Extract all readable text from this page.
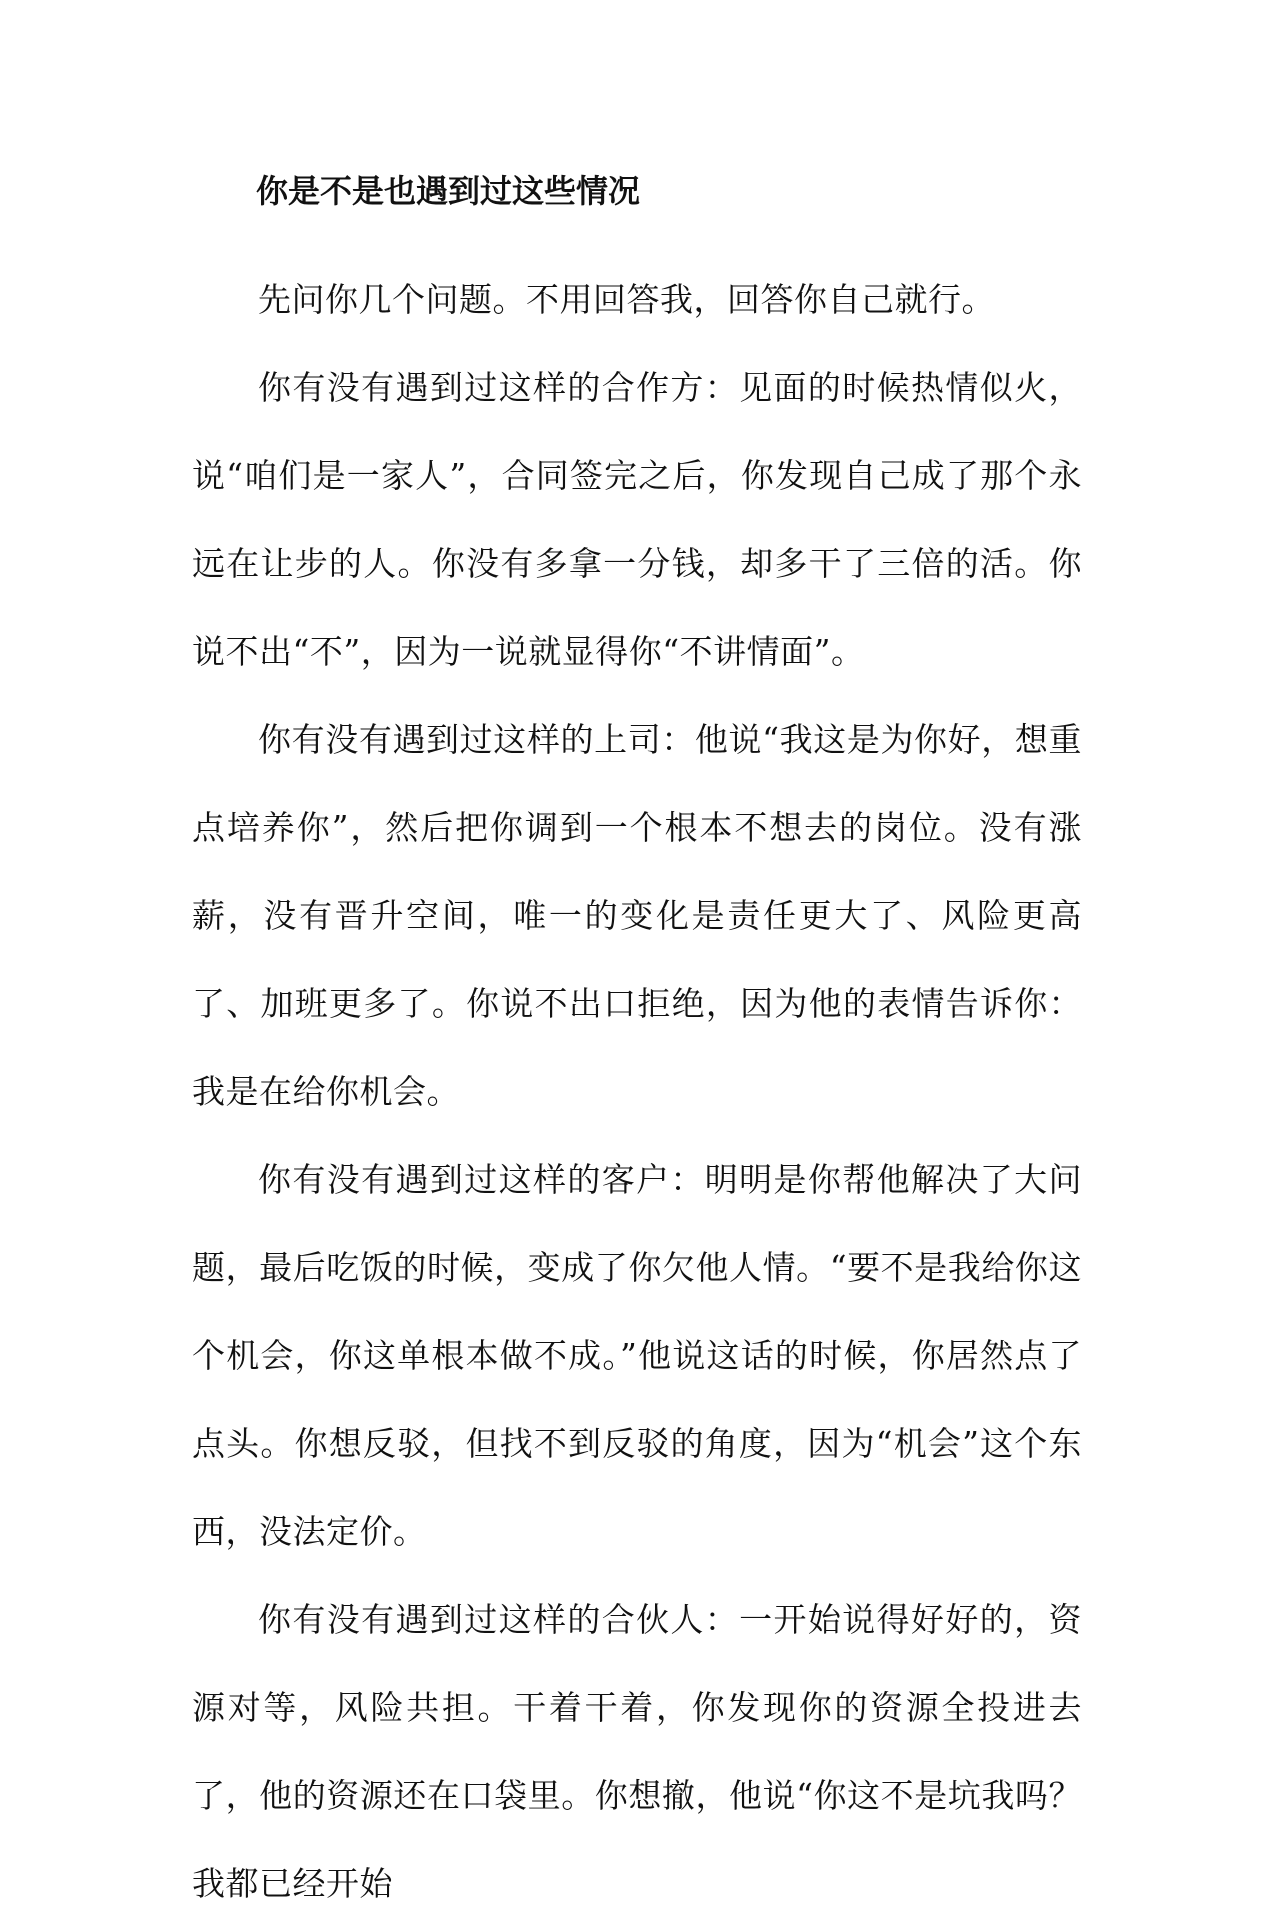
你是不是也遇到过这些情况

先问你几个问题。不用回答我，回答你自己就行。

你有没有遇到过这样的合作方：见面的时候热情似火，说“咱们是一家人”，合同签完之后，你发现自己成了那个永远在让步的人。你没有多拿一分钱，却多干了三倍的活。你说不出“不”，因为一说就显得你“不讲情面”。

你有没有遇到过这样的上司：他说“我这是为你好，想重点培养你”，然后把你调到一个根本不想去的岗位。没有涨薪，没有晋升空间，唯一的变化是责任更大了、风险更高了、加班更多了。你说不出口拒绝，因为他的表情告诉你：我是在给你机会。

你有没有遇到过这样的客户：明明是你帮他解决了大问题，最后吃饭的时候，变成了你欠他人情。“要不是我给你这个机会，你这单根本做不成。”他说这话的时候，你居然点了点头。你想反驳，但找不到反驳的角度，因为“机会”这个东西，没法定价。

你有没有遇到过这样的合伙人：一开始说得好好的，资源对等，风险共担。干着干着，你发现你的资源全投进去了，他的资源还在口袋里。你想撤，他说“你这不是坑我吗？我都已经开始
